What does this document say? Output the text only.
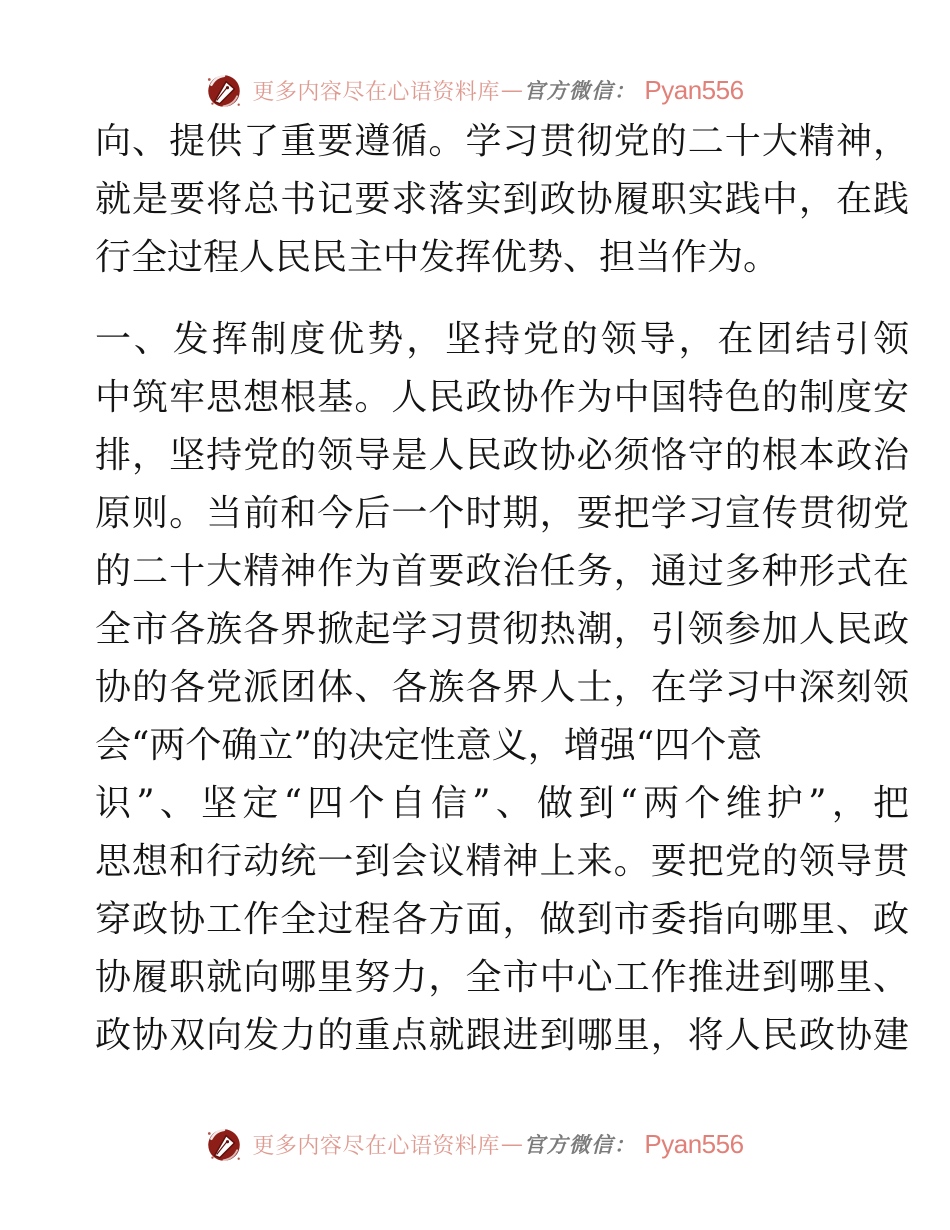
更多内容尽在心语资料库 — 官方微信： Pyan556
向、提供了重要遵循。学习贯彻党的二十大精神，
就是要将总书记要求落实到政协履职实践中，在践
行全过程人民民主中发挥优势、担当作为。
一、发挥制度优势，坚持党的领导，在团结引领
中筑牢思想根基。人民政协作为中国特色的制度安
排，坚持党的领导是人民政协必须恪守的根本政治
原则。当前和今后一个时期，要把学习宣传贯彻党
的二十大精神作为首要政治任务，通过多种形式在
全市各族各界掀起学习贯彻热潮，引领参加人民政
协的各党派团体、各族各界人士，在学习中深刻领
会“两个确立”的决定性意义，增强“四个意
识”、坚定“四个自信”、做到“两个维护”，把
思想和行动统一到会议精神上来。要把党的领导贯
穿政协工作全过程各方面，做到市委指向哪里、政
协履职就向哪里努力，全市中心工作推进到哪里、
政协双向发力的重点就跟进到哪里，将人民政协建
更多内容尽在心语资料库 — 官方微信： Pyan556
